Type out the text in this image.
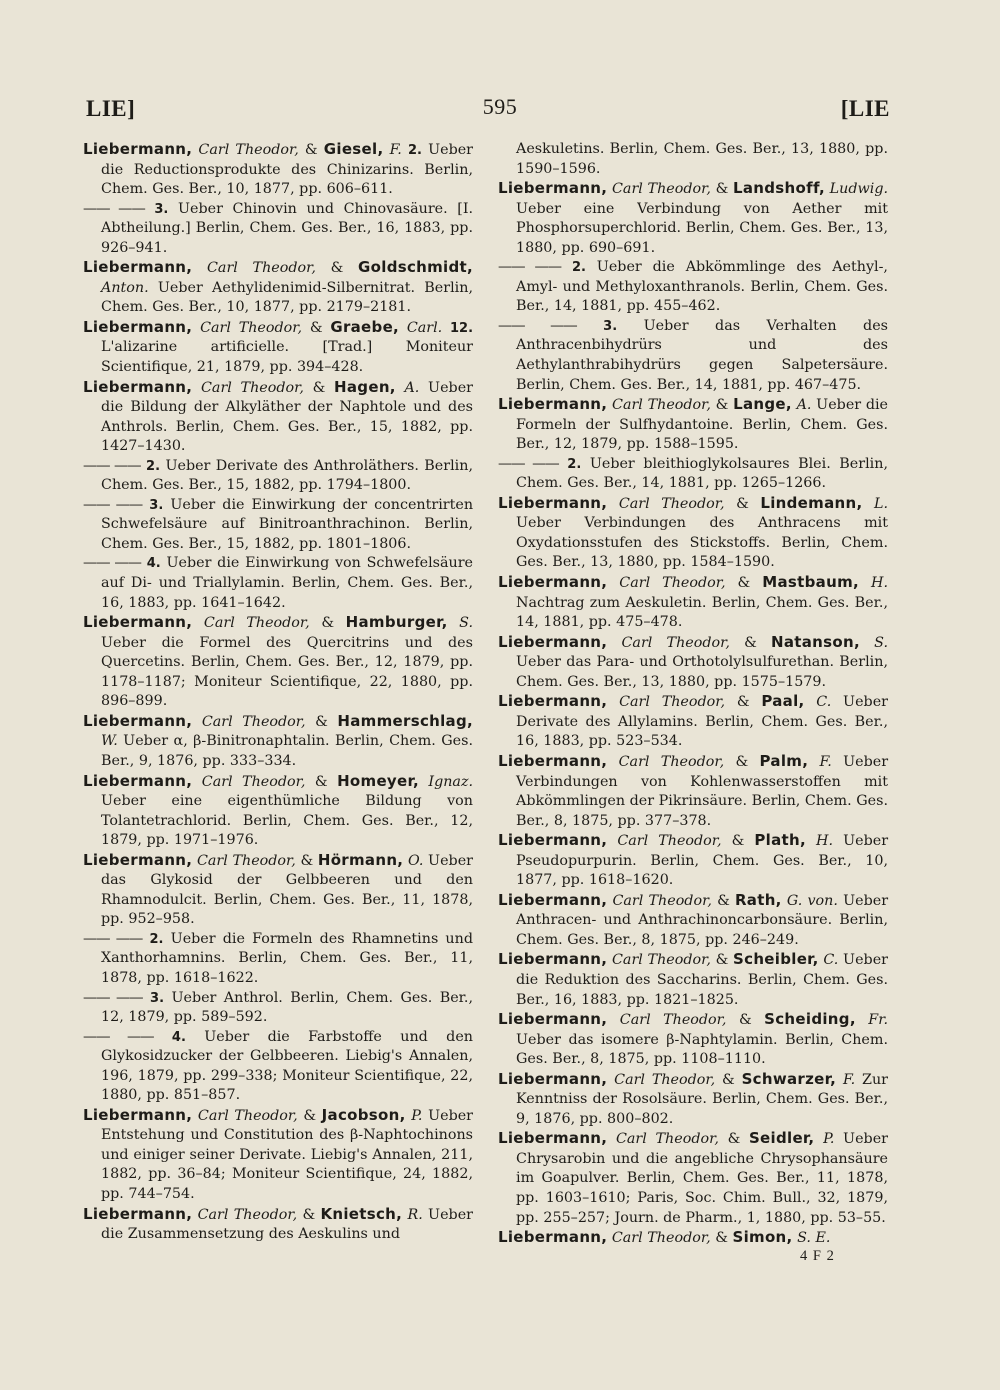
LIE]	595	[LIE

Liebermann, Carl Theodor, & Giesel, F. 2. Ueber die Reductionsprodukte des Chinizarins. Berlin, Chem. Ges. Ber., 10, 1877, pp. 606–611.

—— —— 3. Ueber Chinovin und Chinovasäure. [I. Abtheilung.] Berlin, Chem. Ges. Ber., 16, 1883, pp. 926–941.

Liebermann, Carl Theodor, & Goldschmidt, Anton. Ueber Aethylidenimid-Silbernitrat. Berlin, Chem. Ges. Ber., 10, 1877, pp. 2179–2181.

Liebermann, Carl Theodor, & Graebe, Carl. 12. L'alizarine artificielle. [Trad.] Moniteur Scientifique, 21, 1879, pp. 394–428.

Liebermann, Carl Theodor, & Hagen, A. Ueber die Bildung der Alkyläther der Naphtole und des Anthrols. Berlin, Chem. Ges. Ber., 15, 1882, pp. 1427–1430.

—— —— 2. Ueber Derivate des Anthroläthers. Berlin, Chem. Ges. Ber., 15, 1882, pp. 1794–1800.

—— —— 3. Ueber die Einwirkung der concentrirten Schwefelsäure auf Binitroanthrachinon. Berlin, Chem. Ges. Ber., 15, 1882, pp. 1801–1806.

—— —— 4. Ueber die Einwirkung von Schwefelsäure auf Di- und Triallylamin. Berlin, Chem. Ges. Ber., 16, 1883, pp. 1641–1642.

Liebermann, Carl Theodor, & Hamburger, S. Ueber die Formel des Quercitrins und des Quercetins. Berlin, Chem. Ges. Ber., 12, 1879, pp. 1178–1187; Moniteur Scientifique, 22, 1880, pp. 896–899.

Liebermann, Carl Theodor, & Hammerschlag, W. Ueber α, β-Binitronaphtalin. Berlin, Chem. Ges. Ber., 9, 1876, pp. 333–334.

Liebermann, Carl Theodor, & Homeyer, Ignaz. Ueber eine eigenthümliche Bildung von Tolantetrachlorid. Berlin, Chem. Ges. Ber., 12, 1879, pp. 1971–1976.

Liebermann, Carl Theodor, & Hörmann, O. Ueber das Glykosid der Gelbbeeren und den Rhamnodulcit. Berlin, Chem. Ges. Ber., 11, 1878, pp. 952–958.

—— —— 2. Ueber die Formeln des Rhamnetins und Xanthorhamnins. Berlin, Chem. Ges. Ber., 11, 1878, pp. 1618–1622.

—— —— 3. Ueber Anthrol. Berlin, Chem. Ges. Ber., 12, 1879, pp. 589–592.

—— —— 4. Ueber die Farbstoffe und den Glykosidzucker der Gelbbeeren. Liebig's Annalen, 196, 1879, pp. 299–338; Moniteur Scientifique, 22, 1880, pp. 851–857.

Liebermann, Carl Theodor, & Jacobson, P. Ueber Entstehung und Constitution des β-Naphtochinons und einiger seiner Derivate. Liebig's Annalen, 211, 1882, pp. 36–84; Moniteur Scientifique, 24, 1882, pp. 744–754.

Liebermann, Carl Theodor, & Knietsch, R. Ueber die Zusammensetzung des Aeskulins und

Aeskuletins. Berlin, Chem. Ges. Ber., 13, 1880, pp. 1590–1596.

Liebermann, Carl Theodor, & Landshoff, Ludwig. Ueber eine Verbindung von Aether mit Phosphorsuperchlorid. Berlin, Chem. Ges. Ber., 13, 1880, pp. 690–691.

—— —— 2. Ueber die Abkömmlinge des Aethyl-, Amyl- und Methyloxanthranols. Berlin, Chem. Ges. Ber., 14, 1881, pp. 455–462.

—— —— 3. Ueber das Verhalten des Anthracenbihydrürs und des Aethylanthrabihydrürs gegen Salpetersäure. Berlin, Chem. Ges. Ber., 14, 1881, pp. 467–475.

Liebermann, Carl Theodor, & Lange, A. Ueber die Formeln der Sulfhydantoine. Berlin, Chem. Ges. Ber., 12, 1879, pp. 1588–1595.

—— —— 2. Ueber bleithioglykolsaures Blei. Berlin, Chem. Ges. Ber., 14, 1881, pp. 1265–1266.

Liebermann, Carl Theodor, & Lindemann, L. Ueber Verbindungen des Anthracens mit Oxydationsstufen des Stickstoffs. Berlin, Chem. Ges. Ber., 13, 1880, pp. 1584–1590.

Liebermann, Carl Theodor, & Mastbaum, H. Nachtrag zum Aeskuletin. Berlin, Chem. Ges. Ber., 14, 1881, pp. 475–478.

Liebermann, Carl Theodor, & Natanson, S. Ueber das Para- und Orthotolylsulfurethan. Berlin, Chem. Ges. Ber., 13, 1880, pp. 1575–1579.

Liebermann, Carl Theodor, & Paal, C. Ueber Derivate des Allylamins. Berlin, Chem. Ges. Ber., 16, 1883, pp. 523–534.

Liebermann, Carl Theodor, & Palm, F. Ueber Verbindungen von Kohlenwasserstoffen mit Abkömmlingen der Pikrinsäure. Berlin, Chem. Ges. Ber., 8, 1875, pp. 377–378.

Liebermann, Carl Theodor, & Plath, H. Ueber Pseudopurpurin. Berlin, Chem. Ges. Ber., 10, 1877, pp. 1618–1620.

Liebermann, Carl Theodor, & Rath, G. von. Ueber Anthracen- und Anthrachinoncarbonsäure. Berlin, Chem. Ges. Ber., 8, 1875, pp. 246–249.

Liebermann, Carl Theodor, & Scheibler, C. Ueber die Reduktion des Saccharins. Berlin, Chem. Ges. Ber., 16, 1883, pp. 1821–1825.

Liebermann, Carl Theodor, & Scheiding, Fr. Ueber das isomere β-Naphtylamin. Berlin, Chem. Ges. Ber., 8, 1875, pp. 1108–1110.

Liebermann, Carl Theodor, & Schwarzer, F. Zur Kenntniss der Rosolsäure. Berlin, Chem. Ges. Ber., 9, 1876, pp. 800–802.

Liebermann, Carl Theodor, & Seidler, P. Ueber Chrysarobin und die angebliche Chrysophansäure im Goapulver. Berlin, Chem. Ges. Ber., 11, 1878, pp. 1603–1610; Paris, Soc. Chim. Bull., 32, 1879, pp. 255–257; Journ. de Pharm., 1, 1880, pp. 53–55.

Liebermann, Carl Theodor, & Simon, S. E.

4 F 2
